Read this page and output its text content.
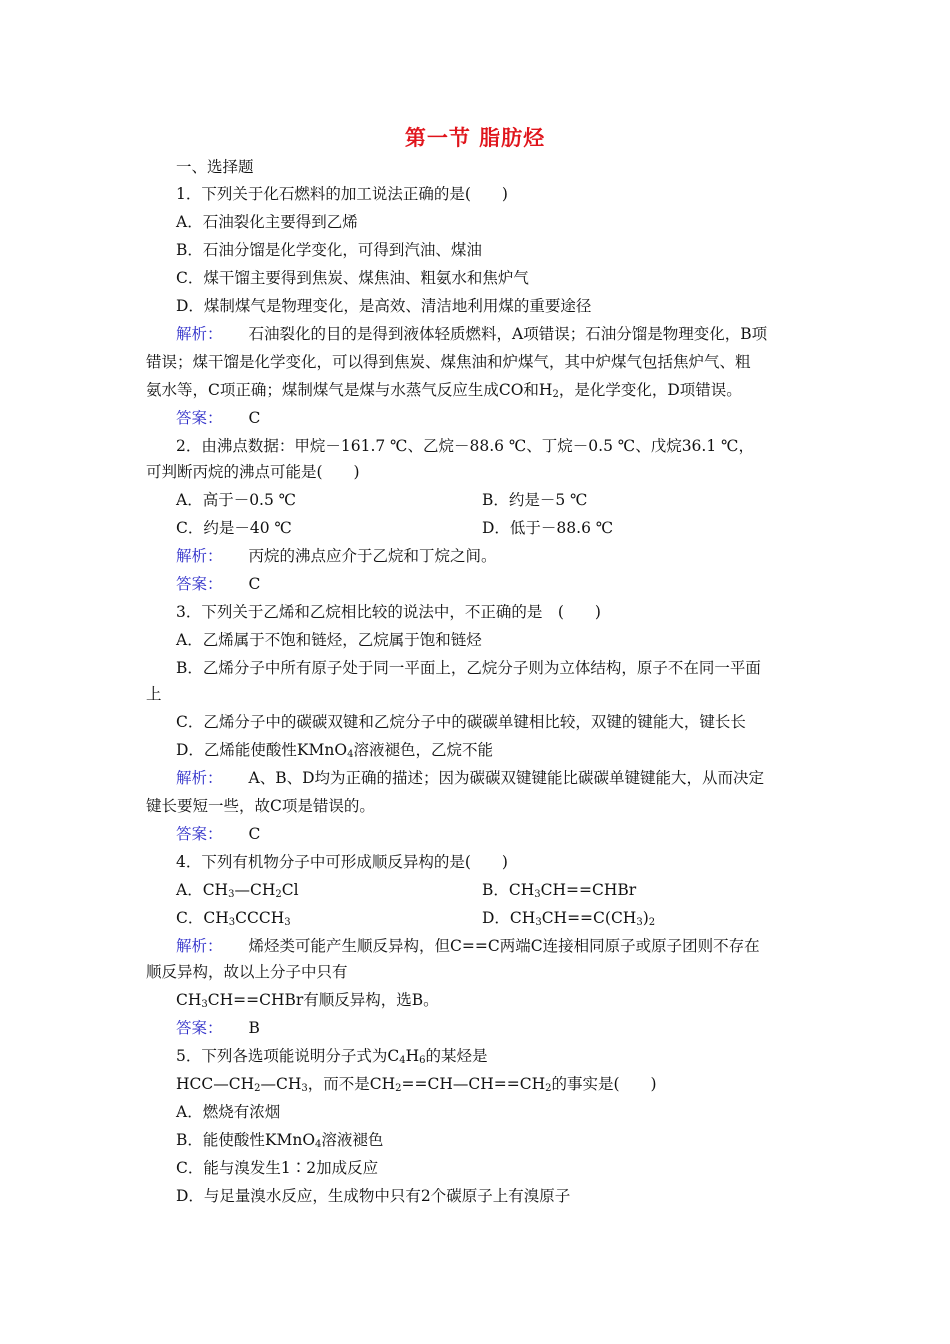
第一节 脂肪烃
一、选择题
1．下列关于化石燃料的加工说法正确的是(　　)
A．石油裂化主要得到乙烯
B．石油分馏是化学变化，可得到汽油、煤油
C．煤干馏主要得到焦炭、煤焦油、粗氨水和焦炉气
D．煤制煤气是物理变化，是高效、清洁地利用煤的重要途径
解析： 石油裂化的目的是得到液体轻质燃料，A项错误；石油分馏是物理变化，B项
错误；煤干馏是化学变化，可以得到焦炭、煤焦油和炉煤气，其中炉煤气包括焦炉气、粗
氨水等，C项正确；煤制煤气是煤与水蒸气反应生成CO和$H_2$，是化学变化，D项错误。
答案： C
2．由沸点数据：甲烷－161.7 ℃、乙烷－88.6 ℃、丁烷－0.5 ℃、戊烷36.1 ℃，
可判断丙烷的沸点可能是(　　)
A．高于－0.5 ℃	B．约是－5 ℃
C．约是－40 ℃	D．低于－88.6 ℃
解析： 丙烷的沸点应介于乙烷和丁烷之间。
答案： C
3．下列关于乙烯和乙烷相比较的说法中，不正确的是　(　　)
A．乙烯属于不饱和链烃，乙烷属于饱和链烃
B．乙烯分子中所有原子处于同一平面上，乙烷分子则为立体结构，原子不在同一平面
上
C．乙烯分子中的碳碳双键和乙烷分子中的碳碳单键相比较，双键的键能大，键长长
D．乙烯能使酸性KMnO$_4$溶液褪色，乙烷不能
解析： A、B、D均为正确的描述；因为碳碳双键键能比碳碳单键键能大，从而决定
键长要短一些，故C项是错误的。
答案： C
4．下列有机物分子中可形成顺反异构的是(　　)
A．$CH_3—CH_2Cl$	B．$CH_3CH==CHBr$
C．$CH_3CCCH_3$	D．$CH_3CH==C(CH_3)_2$
解析： 烯烃类可能产生顺反异构，但C==C两端C连接相同原子或原子团则不存在
顺反异构，故以上分子中只有
$CH_3CH==CHBr$有顺反异构，选B。
答案： B
5．下列各选项能说明分子式为$C_4H_6$的某烃是
$HCC—CH_2—CH_3$，而不是$CH_2==CH—CH==CH_2$的事实是(　　)
A．燃烧有浓烟
B．能使酸性KMnO$_4$溶液褪色
C．能与溴发生1∶2加成反应
D．与足量溴水反应，生成物中只有2个碳原子上有溴原子
